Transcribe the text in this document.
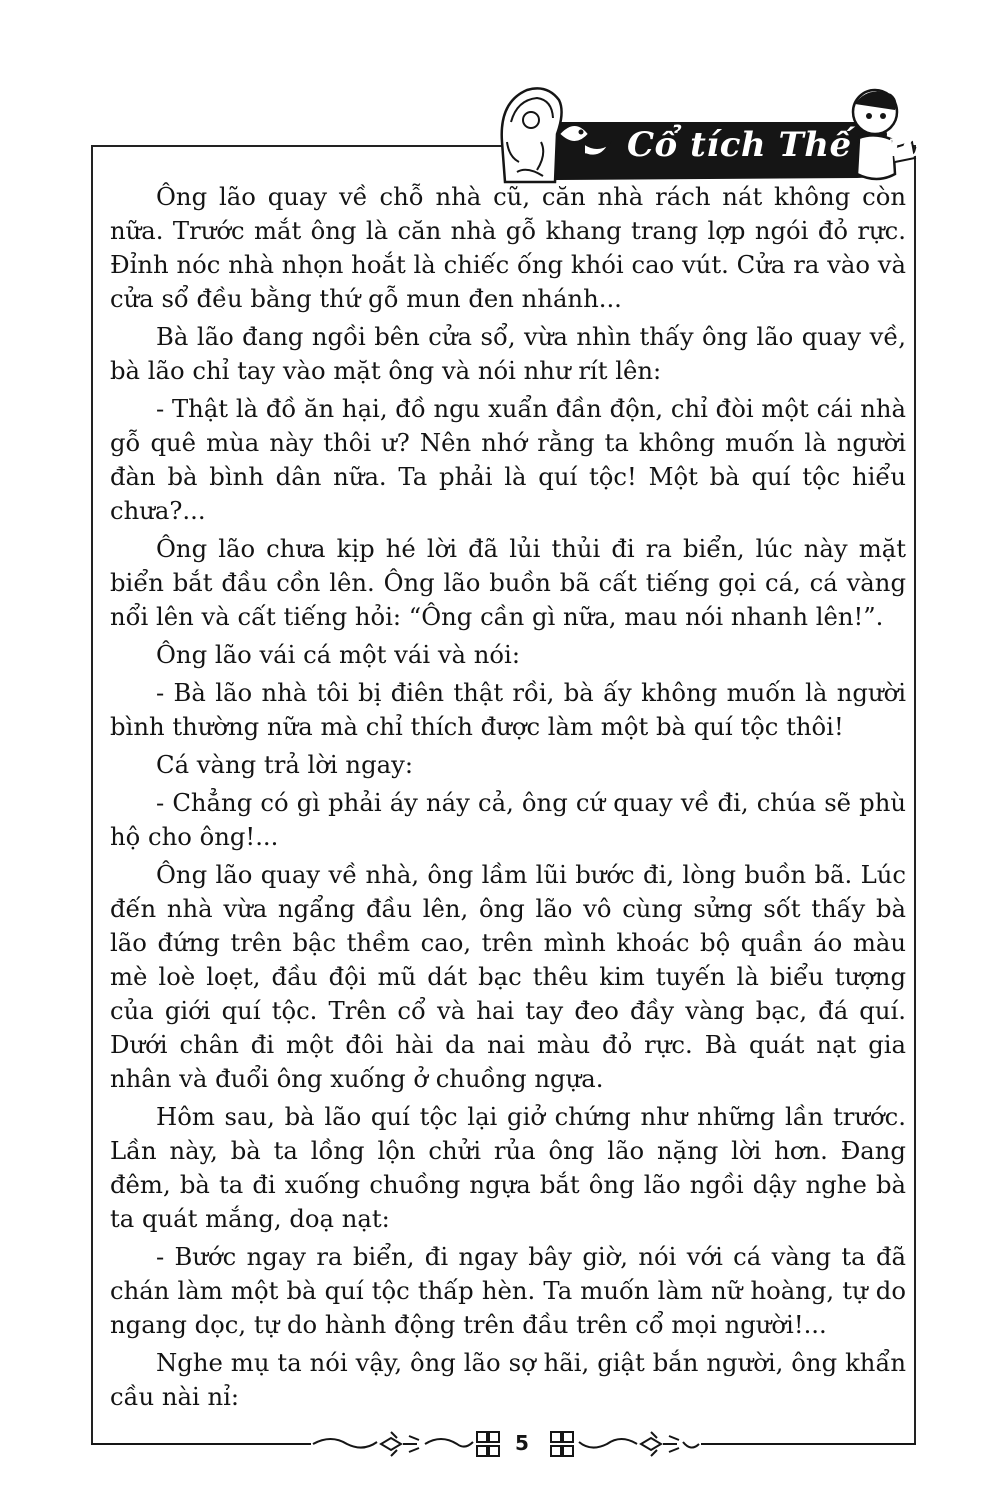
Cổ tích Thế giới

Ông lão quay về chỗ nhà cũ, căn nhà rách nát không còn nữa. Trước mắt ông là căn nhà gỗ khang trang lợp ngói đỏ rực. Đỉnh nóc nhà nhọn hoắt là chiếc ống khói cao vút. Cửa ra vào và cửa sổ đều bằng thứ gỗ mun đen nhánh...

Bà lão đang ngồi bên cửa sổ, vừa nhìn thấy ông lão quay về, bà lão chỉ tay vào mặt ông và nói như rít lên:

- Thật là đồ ăn hại, đồ ngu xuẩn đần độn, chỉ đòi một cái nhà gỗ quê mùa này thôi ư? Nên nhớ rằng ta không muốn là người đàn bà bình dân nữa. Ta phải là quí tộc! Một bà quí tộc hiểu chưa?...

Ông lão chưa kịp hé lời đã lủi thủi đi ra biển, lúc này mặt biển bắt đầu cồn lên. Ông lão buồn bã cất tiếng gọi cá, cá vàng nổi lên và cất tiếng hỏi: “Ông cần gì nữa, mau nói nhanh lên!”.

Ông lão vái cá một vái và nói:

- Bà lão nhà tôi bị điên thật rồi, bà ấy không muốn là người bình thường nữa mà chỉ thích được làm một bà quí tộc thôi!

Cá vàng trả lời ngay:

- Chẳng có gì phải áy náy cả, ông cứ quay về đi, chúa sẽ phù hộ cho ông!...

Ông lão quay về nhà, ông lầm lũi bước đi, lòng buồn bã. Lúc đến nhà vừa ngẩng đầu lên, ông lão vô cùng sửng sốt thấy bà lão đứng trên bậc thềm cao, trên mình khoác bộ quần áo màu mè loè loẹt, đầu đội mũ dát bạc thêu kim tuyến là biểu tượng của giới quí tộc. Trên cổ và hai tay đeo đầy vàng bạc, đá quí. Dưới chân đi một đôi hài da nai màu đỏ rực. Bà quát nạt gia nhân và đuổi ông xuống ở chuồng ngựa.

Hôm sau, bà lão quí tộc lại giở chứng như những lần trước. Lần này, bà ta lồng lộn chửi rủa ông lão nặng lời hơn. Đang đêm, bà ta đi xuống chuồng ngựa bắt ông lão ngồi dậy nghe bà ta quát mắng, doạ nạt:

- Bước ngay ra biển, đi ngay bây giờ, nói với cá vàng ta đã chán làm một bà quí tộc thấp hèn. Ta muốn làm nữ hoàng, tự do ngang dọc, tự do hành động trên đầu trên cổ mọi người!...

Nghe mụ ta nói vậy, ông lão sợ hãi, giật bắn người, ông khẩn cầu nài nỉ:

5
